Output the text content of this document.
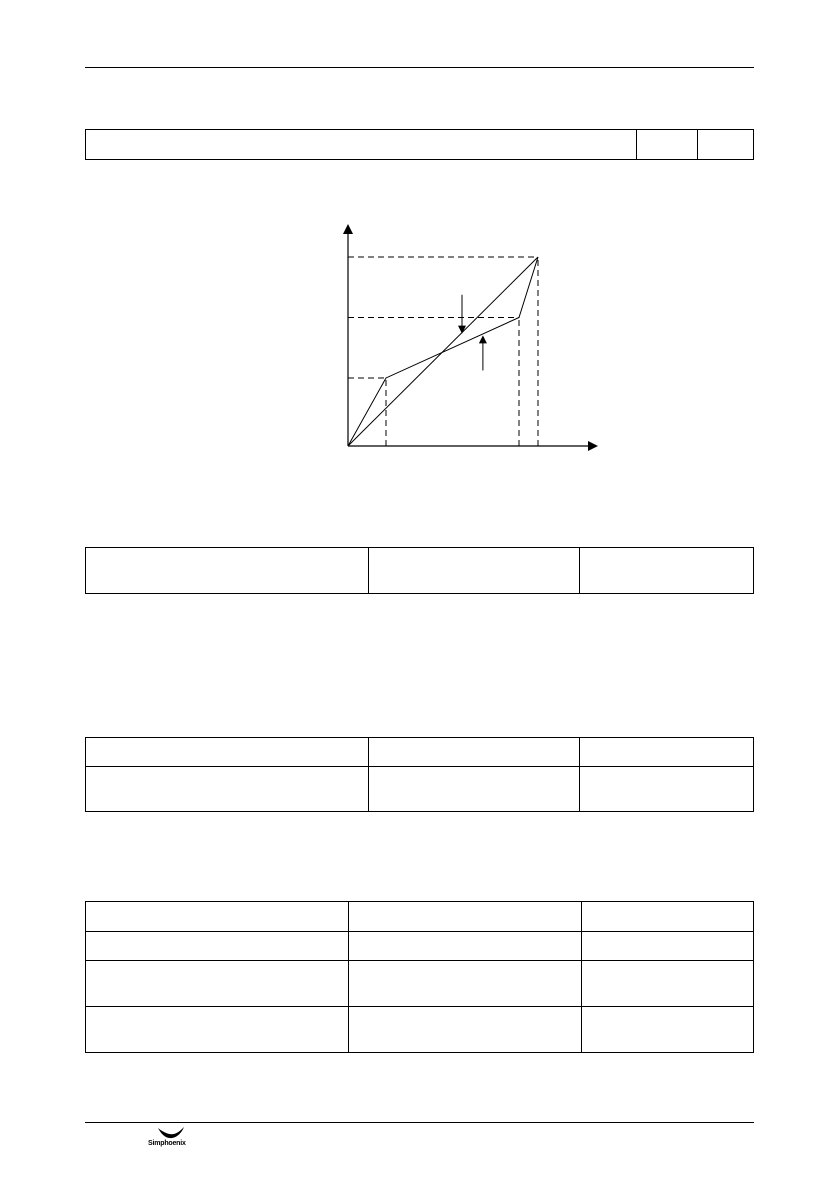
Simphoenix
